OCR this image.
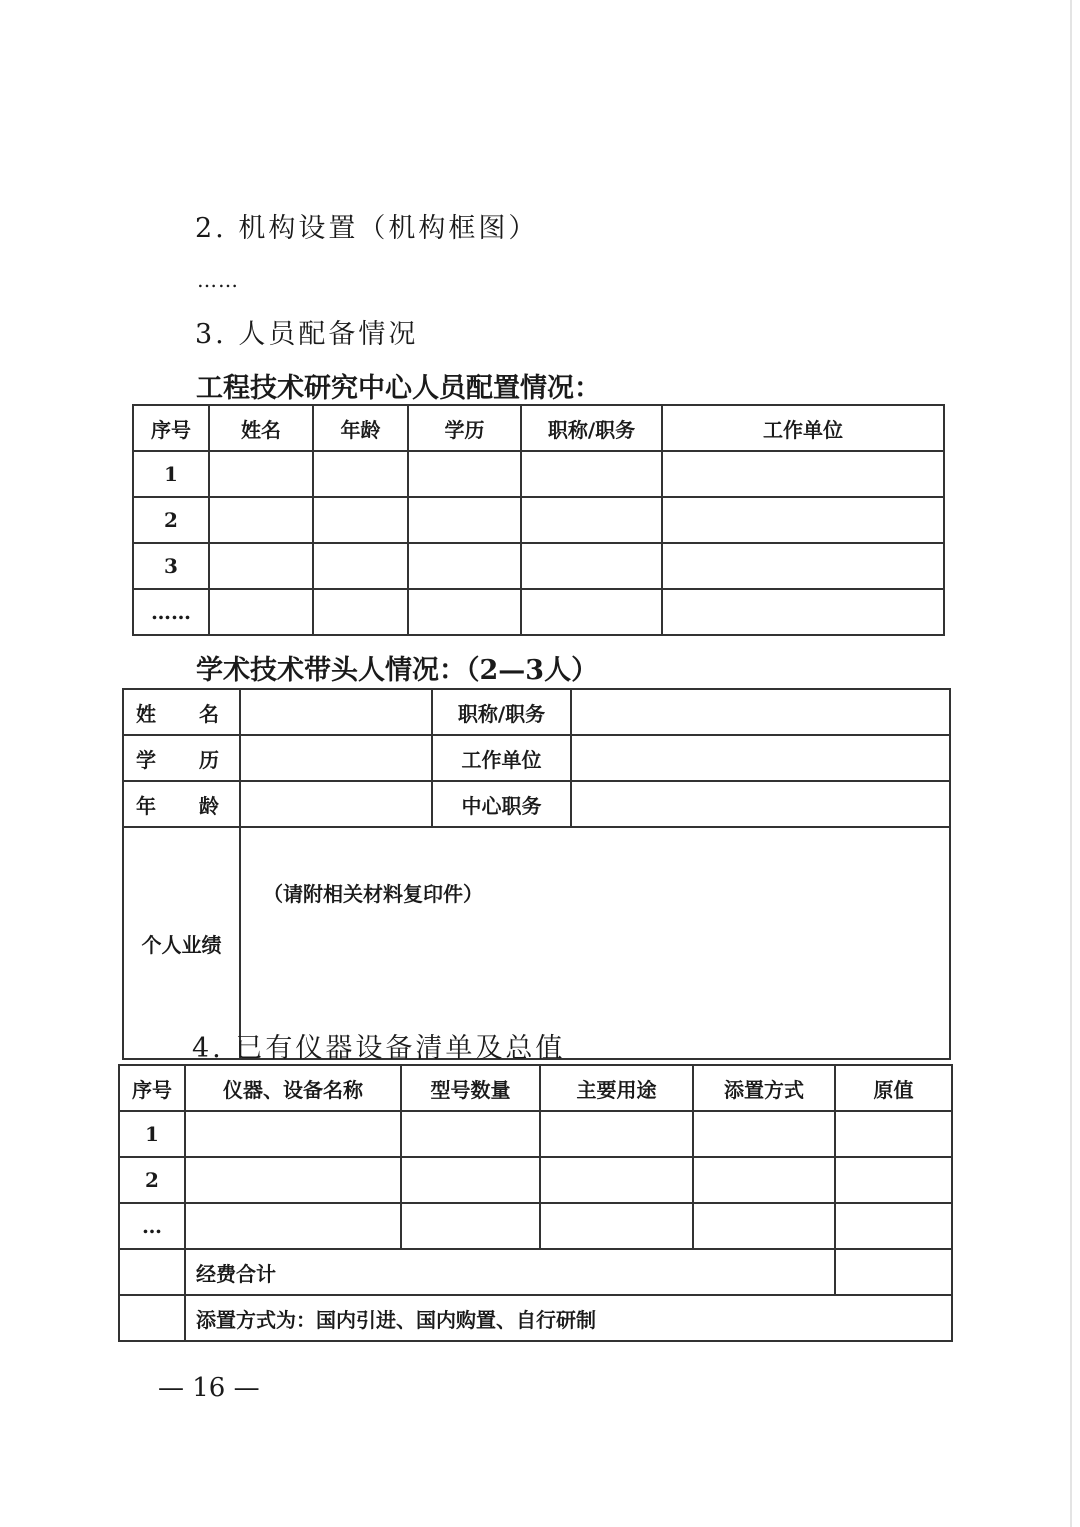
2. 机构设置（机构框图）
……
3. 人员配备情况
工程技术研究中心人员配置情况：
序号	姓名	年龄	学历	职称/职务	工作单位
1					
2					
3					
……					
学术技术带头人情况：（2—3人）
姓 名		职称/职务	
学 历		工作单位	
年 龄		中心职务	
个人业绩	（请附相关材料复印件）		
4. 已有仪器设备清单及总值
序号	仪器、设备名称	型号数量	主要用途	添置方式	原值
1					
2					
…					
	经费合计				
	添置方式为：国内引进、国内购置、自行研制				
— 16 —
